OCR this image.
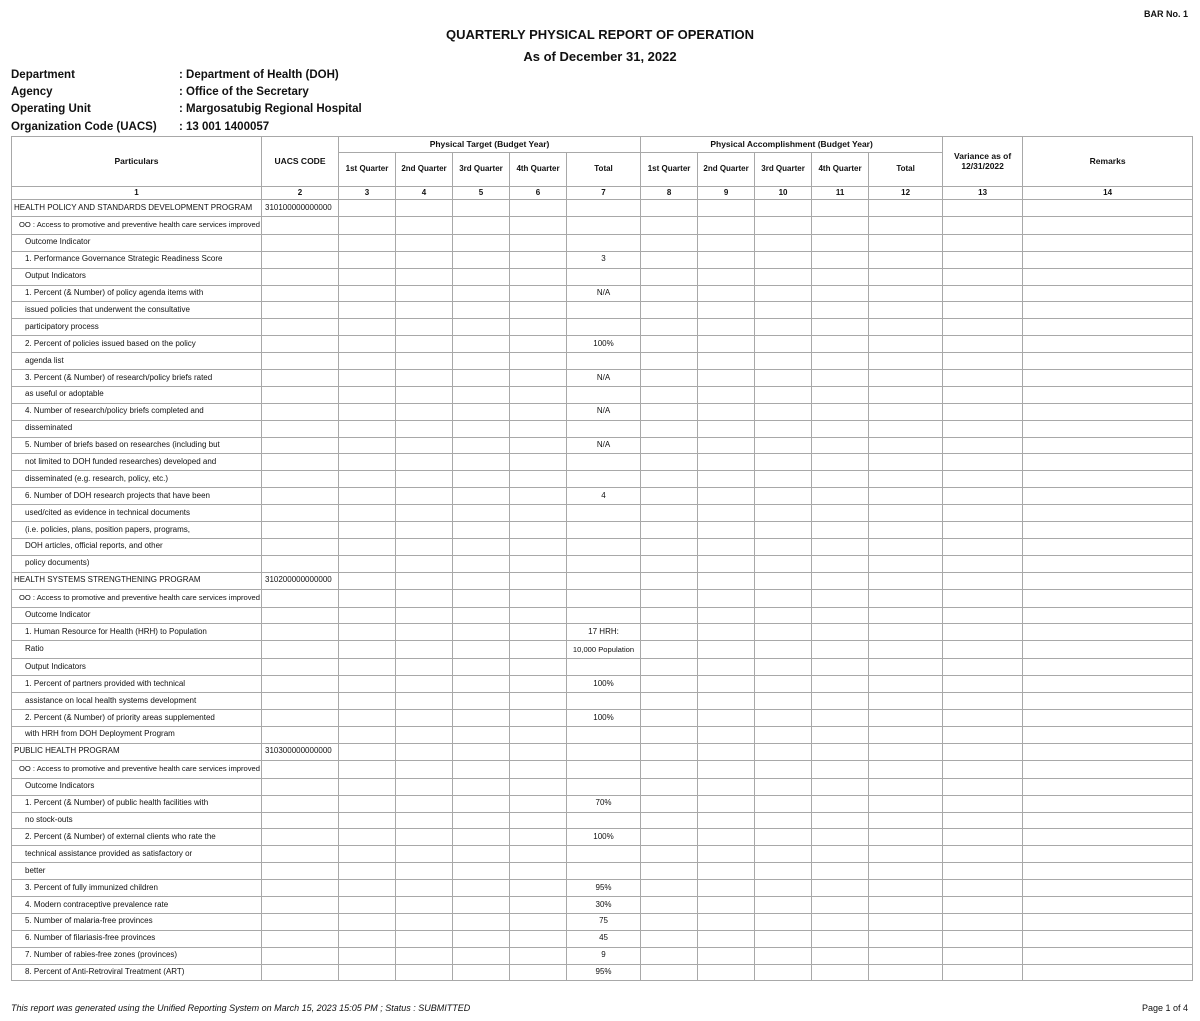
BAR No. 1
QUARTERLY PHYSICAL REPORT OF OPERATION
As of December 31, 2022
Department	: Department of Health (DOH)
Agency	: Office of the Secretary
Operating Unit	: Margosatubig Regional Hospital
Organization Code (UACS)	: 13 001 1400057
Particulars	UACS CODE	Physical Target (Budget Year)					Physical Accomplishment (Budget Year)					Variance as of 12/31/2022	Remarks
		1st Quarter	2nd Quarter	3rd Quarter	4th Quarter	Total	1st Quarter	2nd Quarter	3rd Quarter	4th Quarter	Total		
1	2	3	4	5	6	7	8	9	10	11	12	13	14
HEALTH POLICY AND STANDARDS DEVELOPMENT PROGRAM	310100000000000												
OO : Access to promotive and preventive health care services improved													
Outcome Indicator													
1. Performance Governance Strategic Readiness Score						3							
Output Indicators													
1. Percent (& Number) of policy agenda items with						N/A							
issued policies that underwent the consultative													
participatory process													
2. Percent of policies issued based on the policy						100%							
agenda list													
3. Percent (& Number) of research/policy briefs rated						N/A							
as useful or adoptable													
4. Number of research/policy briefs completed and						N/A							
disseminated													
5. Number of briefs based on researches (including but						N/A							
not limited to DOH funded researches) developed and													
disseminated (e.g. research, policy, etc.)													
6. Number of DOH research projects that have been						4							
used/cited as evidence in technical documents													
(i.e. policies, plans, position papers, programs,													
DOH articles, official reports, and other													
policy documents)													
HEALTH SYSTEMS STRENGTHENING PROGRAM	310200000000000												
OO : Access to promotive and preventive health care services improved													
Outcome Indicator													
1. Human Resource for Health (HRH) to Population						17 HRH:							
Ratio						10,000 Population							
Output Indicators													
1. Percent of partners provided with technical						100%							
assistance on local health systems development													
2. Percent (& Number) of priority areas supplemented						100%							
with HRH from DOH Deployment Program													
PUBLIC HEALTH PROGRAM	310300000000000												
OO : Access to promotive and preventive health care services improved													
Outcome Indicators													
1. Percent (& Number) of public health facilities with						70%							
no stock-outs													
2. Percent (& Number) of external clients who rate the						100%							
technical assistance provided as satisfactory or													
better													
3. Percent of fully immunized children						95%							
4. Modern contraceptive prevalence rate						30%							
5. Number of malaria-free provinces						75							
6. Number of filariasis-free provinces						45							
7. Number of rabies-free zones (provinces)						9							
8. Percent of Anti-Retroviral Treatment (ART)						95%							
This report was generated using the Unified Reporting System on March 15, 2023 15:05 PM ; Status : SUBMITTED	Page 1 of 4
